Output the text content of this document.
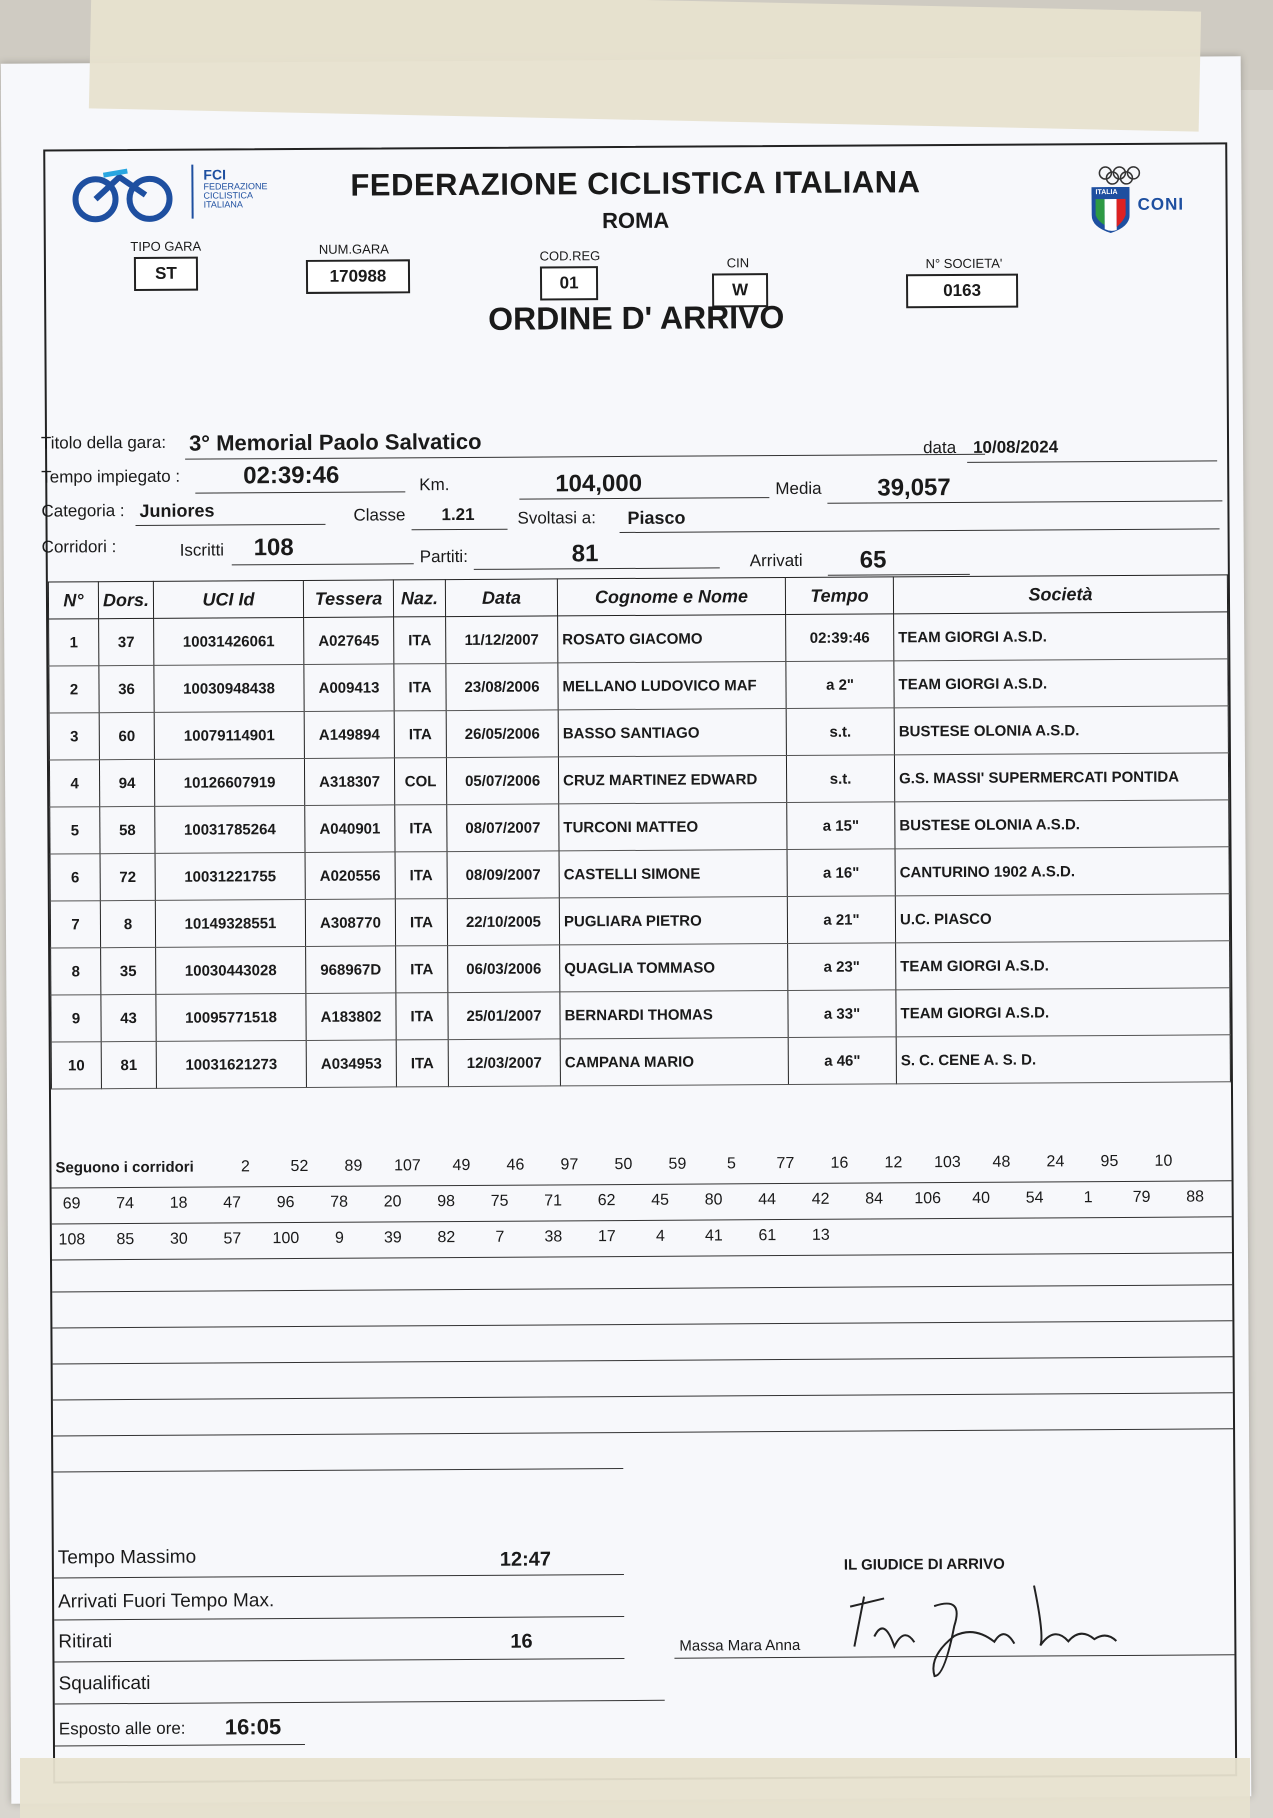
FCI
FEDERAZIONE CICLISTICA ITALIANA
FEDERAZIONE CICLISTICA ITALIANA
ROMA
ITALIA
CONI
TIPO GARA
ST
NUM.GARA
170988
COD.REG
01
CIN
W
N° SOCIETA'
0163
ORDINE D' ARRIVO
Titolo della gara: 3° Memorial Paolo Salvatico	data 10/08/2024
Tempo impiegato :	02:39:46	Km.	104,000	Media 39,057
Categoria : Juniores	Classe 1.21	Svoltasi a: Piasco
Corridori :	Iscritti 108	Partiti:	81	Arrivati 65
N°	Dors.	UCI Id	Tessera	Naz.	Data	Cognome e Nome	Tempo	Società
1	37	10031426061	A027645	ITA	11/12/2007	ROSATO GIACOMO	02:39:46	TEAM GIORGI A.S.D.
2	36	10030948438	A009413	ITA	23/08/2006	MELLANO LUDOVICO MAF	a 2"	TEAM GIORGI A.S.D.
3	60	10079114901	A149894	ITA	26/05/2006	BASSO SANTIAGO	s.t.	BUSTESE OLONIA A.S.D.
4	94	10126607919	A318307	COL	05/07/2006	CRUZ MARTINEZ EDWARD	s.t.	G.S. MASSI' SUPERMERCATI PONTIDA
5	58	10031785264	A040901	ITA	08/07/2007	TURCONI MATTEO	a 15"	BUSTESE OLONIA A.S.D.
6	72	10031221755	A020556	ITA	08/09/2007	CASTELLI SIMONE	a 16"	CANTURINO 1902 A.S.D.
7	8	10149328551	A308770	ITA	22/10/2005	PUGLIARA PIETRO	a 21"	U.C. PIASCO
8	35	10030443028	968967D	ITA	06/03/2006	QUAGLIA TOMMASO	a 23"	TEAM GIORGI A.S.D.
9	43	10095771518	A183802	ITA	25/01/2007	BERNARDI THOMAS	a 33"	TEAM GIORGI A.S.D.
10	81	10031621273	A034953	ITA	12/03/2007	CAMPANA MARIO	a 46"	S. C. CENE A. S. D.
Seguono i corridori	2	52	89	107	49	46	97	50	59	5	77	16	12	103	48	24	95	10
69	74	18	47	96	78	20	98	75	71	62	45	80	44	42	84	106	40	54	1	79	88
108	85	30	57	100	9	39	82	7	38	17	4	41	61	13
Tempo Massimo	12:47
Arrivati Fuori Tempo Max.
Ritirati	16
Squalificati
Esposto alle ore: 16:05
IL GIUDICE DI ARRIVO
Massa Mara Anna
